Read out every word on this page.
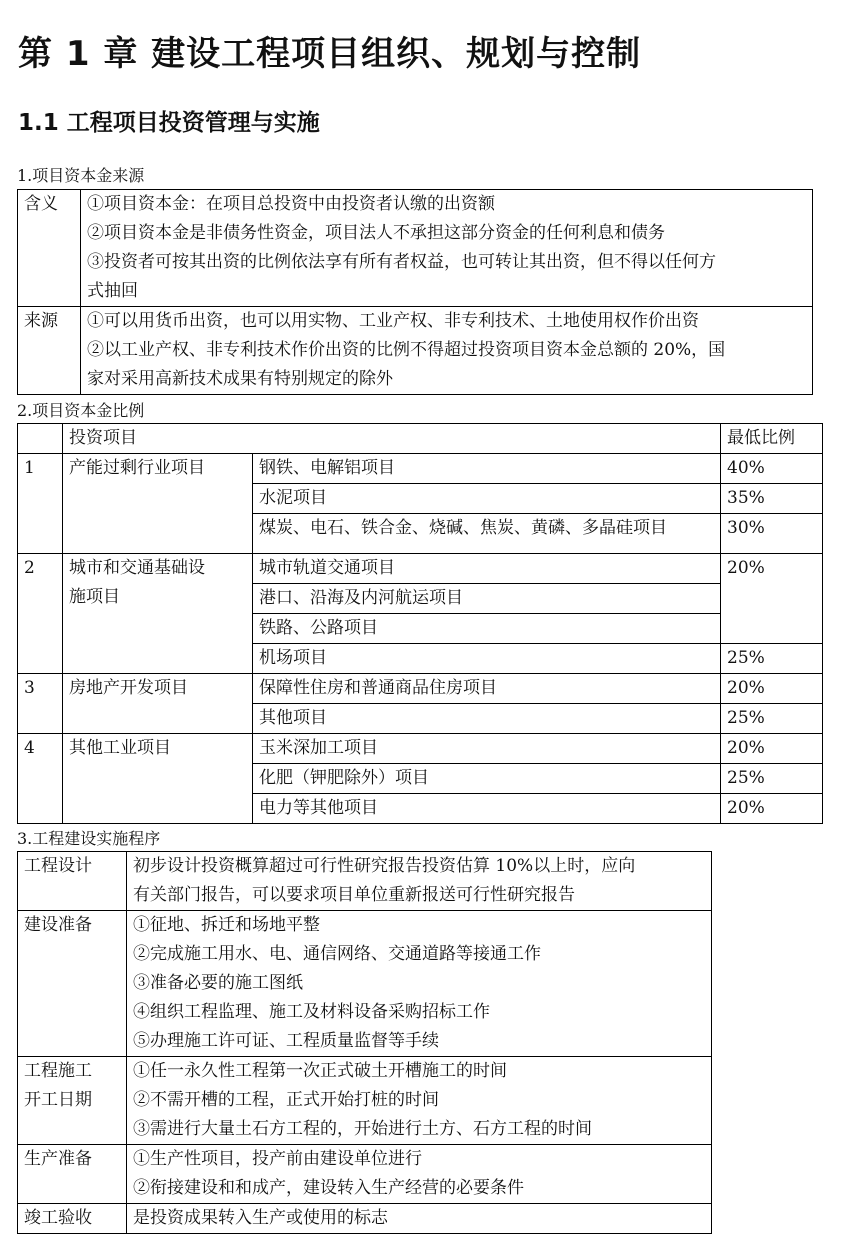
第 1 章 建设工程项目组织、规划与控制
1.1 工程项目投资管理与实施

1.项目资本金来源

含义	①项目资本金：在项目总投资中由投资者认缴的出资额
②项目资本金是非债务性资金，项目法人不承担这部分资金的任何利息和债务
③投资者可按其出资的比例依法享有所有者权益，也可转让其出资，但不得以任何方
式抽回

来源	①可以用货币出资，也可以用实物、工业产权、非专利技术、土地使用权作价出资
②以工业产权、非专利技术作价出资的比例不得超过投资项目资本金总额的 20%，国
家对采用高新技术成果有特别规定的除外

2.项目资本金比例

	投资项目		最低比例
1	产能过剩行业项目	钢铁、电解铝项目	40%
		水泥项目	35%
		煤炭、电石、铁合金、烧碱、焦炭、黄磷、多晶硅项目	30%
2	城市和交通基础设
施项目	城市轨道交通项目	20%
		港口、沿海及内河航运项目	
		铁路、公路项目	
		机场项目	25%
3	房地产开发项目	保障性住房和普通商品住房项目	20%
		其他项目	25%
4	其他工业项目	玉米深加工项目	20%
		化肥（钾肥除外）项目	25%
		电力等其他项目	20%

3.工程建设实施程序

工程设计	初步设计投资概算超过可行性研究报告投资估算 10%以上时，应向
有关部门报告，可以要求项目单位重新报送可行性研究报告

建设准备	①征地、拆迁和场地平整
②完成施工用水、电、通信网络、交通道路等接通工作
③准备必要的施工图纸
④组织工程监理、施工及材料设备采购招标工作
⑤办理施工许可证、工程质量监督等手续

工程施工
开工日期	①任一永久性工程第一次正式破土开槽施工的时间
②不需开槽的工程，正式开始打桩的时间
③需进行大量土石方工程的，开始进行土方、石方工程的时间

生产准备	①生产性项目，投产前由建设单位进行
②衔接建设和和成产，建设转入生产经营的必要条件

竣工验收	是投资成果转入生产或使用的标志
